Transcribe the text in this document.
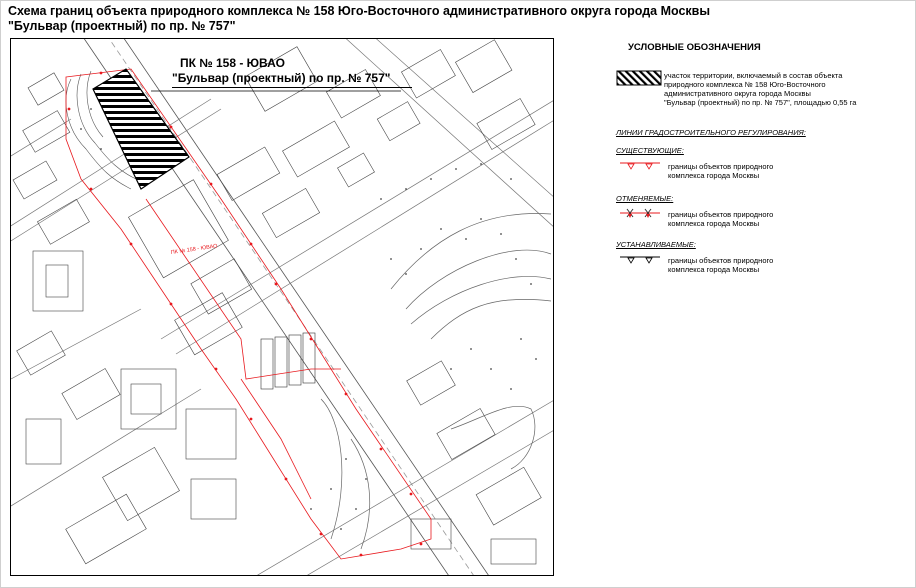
Схема границ объекта природного комплекса № 158 Юго-Восточного административного округа города Москвы
"Бульвар (проектный) по пр. № 757"
ПК № 158 - ЮВАО
ПК № 158 - ЮВАО
"Бульвар (проектный) по пр. № 757"
УСЛОВНЫЕ ОБОЗНАЧЕНИЯ
участок территории, включаемый в состав объекта
природного комплекса № 158 Юго-Восточного
административного округа города Москвы
"Бульвар (проектный) по пр. № 757", площадью 0,55 га
ЛИНИИ ГРАДОСТРОИТЕЛЬНОГО РЕГУЛИРОВАНИЯ:
СУЩЕСТВУЮЩИЕ:
границы объектов природного
комплекса города Москвы
ОТМЕНЯЕМЫЕ:
границы объектов природного
комплекса города Москвы
УСТАНАВЛИВАЕМЫЕ:
границы объектов природного
комплекса города Москвы
